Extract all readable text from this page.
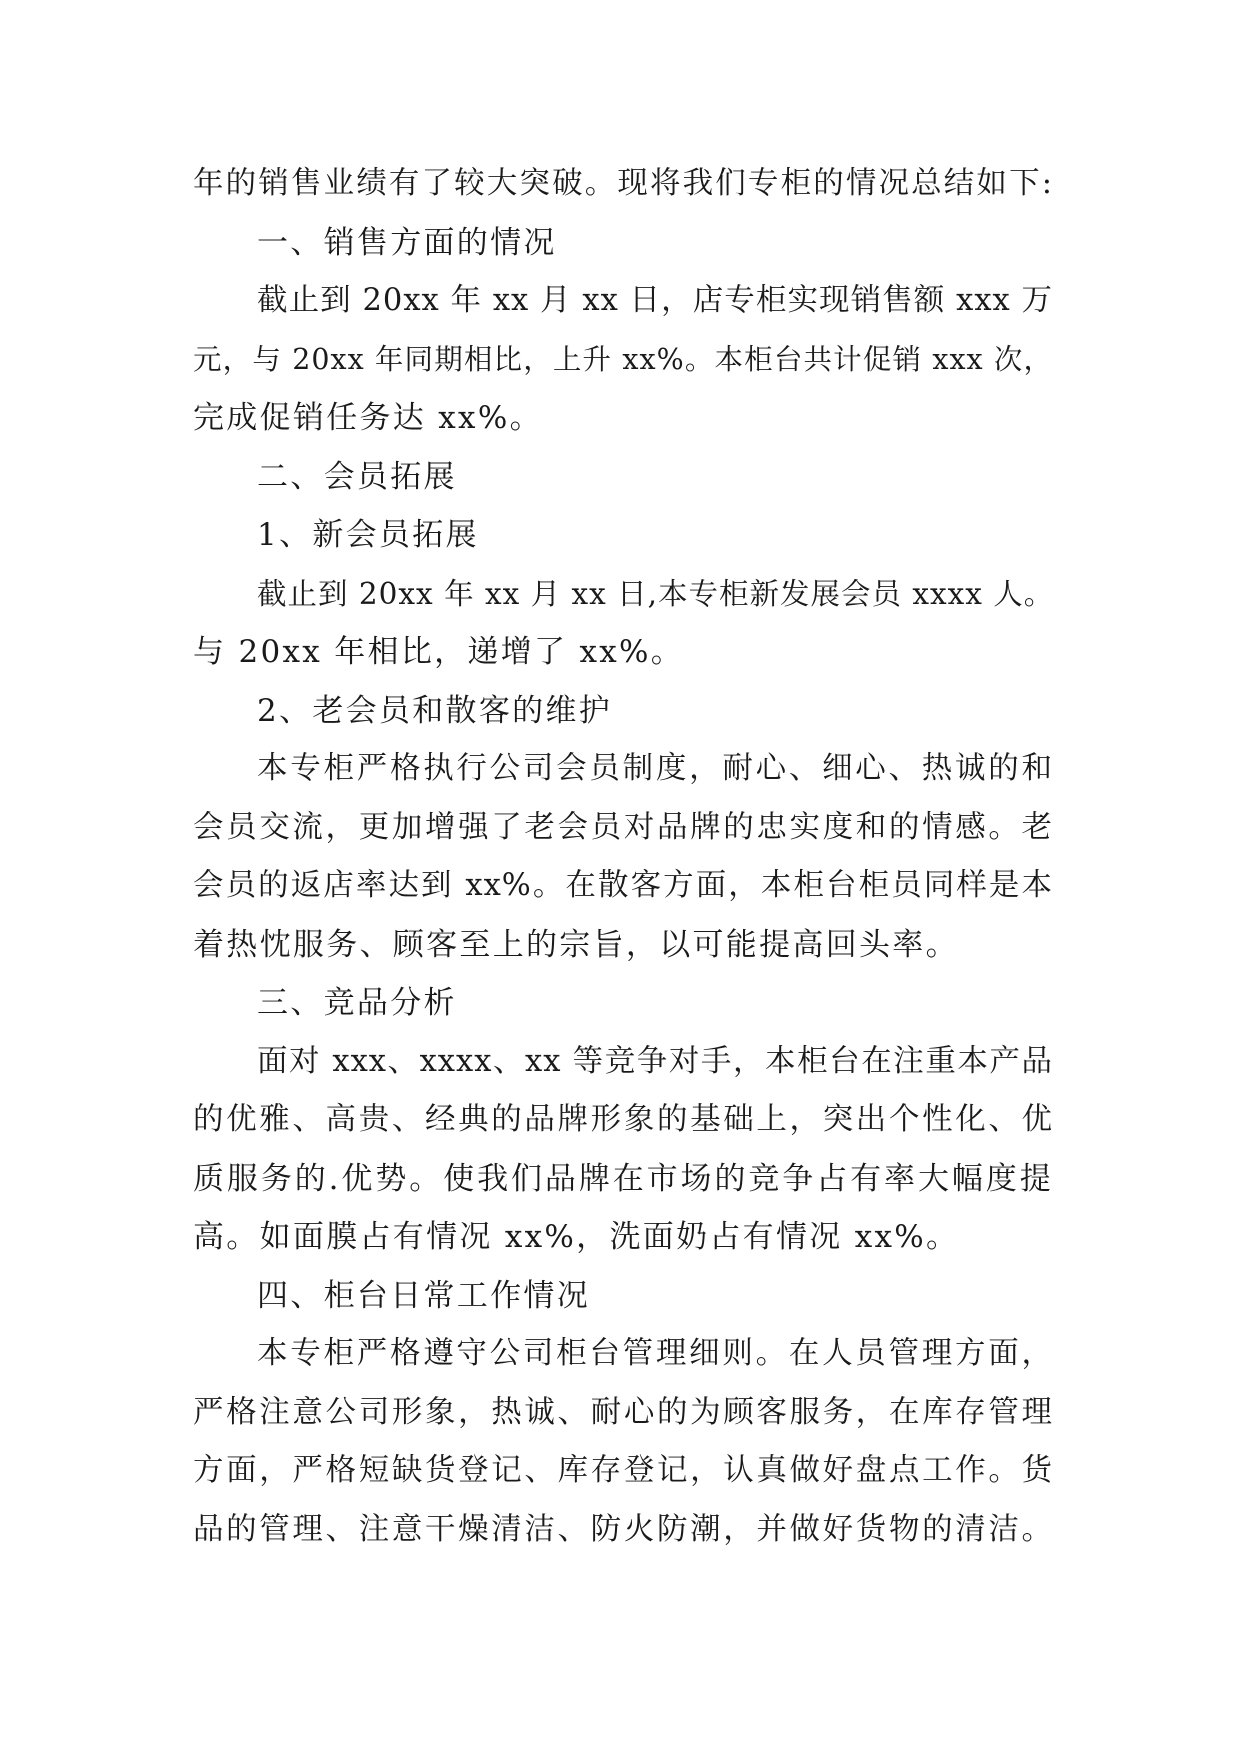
年的销售业绩有了较大突破。现将我们专柜的情况总结如下:
一、销售方面的情况
截止到 20xx 年 xx 月 xx 日，店专柜实现销售额 xxx 万
元，与 20xx 年同期相比，上升 xx%。本柜台共计促销 xxx 次，
完成促销任务达 xx%。
二、会员拓展
1、新会员拓展
截止到 20xx 年 xx 月 xx 日,本专柜新发展会员 xxxx 人。
与 20xx 年相比，递增了 xx%。
2、老会员和散客的维护
本专柜严格执行公司会员制度，耐心、细心、热诚的和
会员交流，更加增强了老会员对品牌的忠实度和的情感。老
会员的返店率达到 xx%。在散客方面，本柜台柜员同样是本
着热忱服务、顾客至上的宗旨，以可能提高回头率。
三、竞品分析
面对 xxx、xxxx、xx 等竞争对手，本柜台在注重本产品
的优雅、高贵、经典的品牌形象的基础上，突出个性化、优
质服务的.优势。使我们品牌在市场的竞争占有率大幅度提
高。如面膜占有情况 xx%，洗面奶占有情况 xx%。
四、柜台日常工作情况
本专柜严格遵守公司柜台管理细则。在人员管理方面，
严格注意公司形象，热诚、耐心的为顾客服务，在库存管理
方面，严格短缺货登记、库存登记，认真做好盘点工作。货
品的管理、注意干燥清洁、防火防潮，并做好货物的清洁。
